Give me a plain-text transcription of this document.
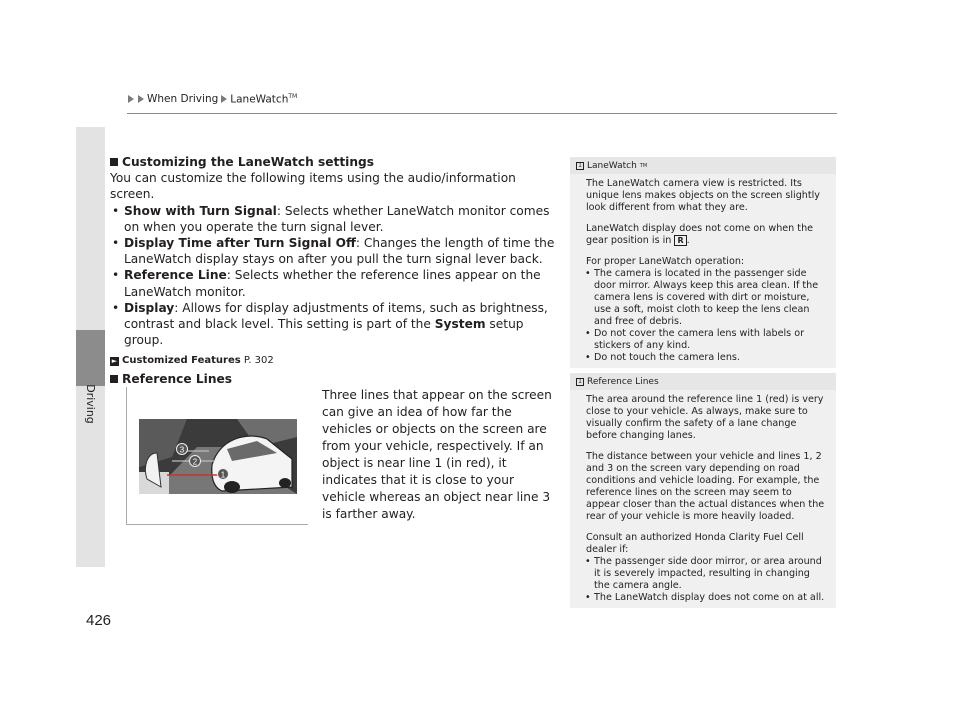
When Driving LaneWatch™
Driving
426
Customizing the LaneWatch settings
You can customize the following items using the audio/information screen.
• Show with Turn Signal: Selects whether LaneWatch monitor comes on when you operate the turn signal lever.
• Display Time after Turn Signal Off: Changes the length of time the LaneWatch display stays on after you pull the turn signal lever back.
• Reference Line: Selects whether the reference lines appear on the LaneWatch monitor.
• Display: Allows for display adjustments of items, such as brightness, contrast and black level. This setting is part of the System setup group.
► Customized Features P. 302
Reference Lines
Three lines that appear on the screen can give an idea of how far the vehicles or objects on the screen are from your vehicle, respectively. If an object is near line 1 (in red), it indicates that it is close to your vehicle whereas an object near line 3 is farther away.
3
2
1
1 LaneWatch TM

The LaneWatch camera view is restricted. Its unique lens makes objects on the screen slightly look different from what they are.

LaneWatch display does not come on when the gear position is in R .

For proper LaneWatch operation:
• The camera is located in the passenger side door mirror. Always keep this area clean. If the camera lens is covered with dirt or moisture, use a soft, moist cloth to keep the lens clean and free of debris.
• Do not cover the camera lens with labels or stickers of any kind.
• Do not touch the camera lens.
1 Reference Lines

The area around the reference line 1 (red) is very close to your vehicle. As always, make sure to visually confirm the safety of a lane change before changing lanes.

The distance between your vehicle and lines 1, 2 and 3 on the screen vary depending on road conditions and vehicle loading. For example, the reference lines on the screen may seem to appear closer than the actual distances when the rear of your vehicle is more heavily loaded.

Consult an authorized Honda Clarity Fuel Cell dealer if:
• The passenger side door mirror, or area around it is severely impacted, resulting in changing the camera angle.
• The LaneWatch display does not come on at all.
